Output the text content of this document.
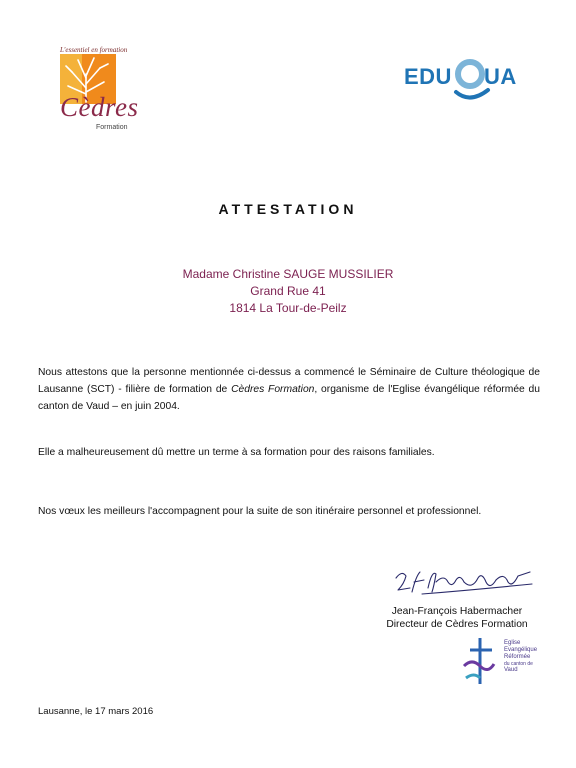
L'essentiel en formation
Cèdres
Formation
EDU UA
ATTESTATION
Madame Christine SAUGE MUSSILIER
Grand Rue 41
1814 La Tour-de-Peilz
Nous attestons que la personne mentionnée ci-dessus a commencé le Séminaire de Culture théologique de Lausanne (SCT) - filière de formation de Cèdres Formation, organisme de l'Eglise évangélique réformée du canton de Vaud – en juin 2004.
Elle a malheureusement dû mettre un terme à sa formation pour des raisons familiales.
Nos vœux les meilleurs l'accompagnent pour la suite de son itinéraire personnel et professionnel.
Jean-François Habermacher
Directeur de Cèdres Formation
Eglise
Evangélique
Réformée
du canton de
Vaud
Lausanne, le 17 mars 2016
